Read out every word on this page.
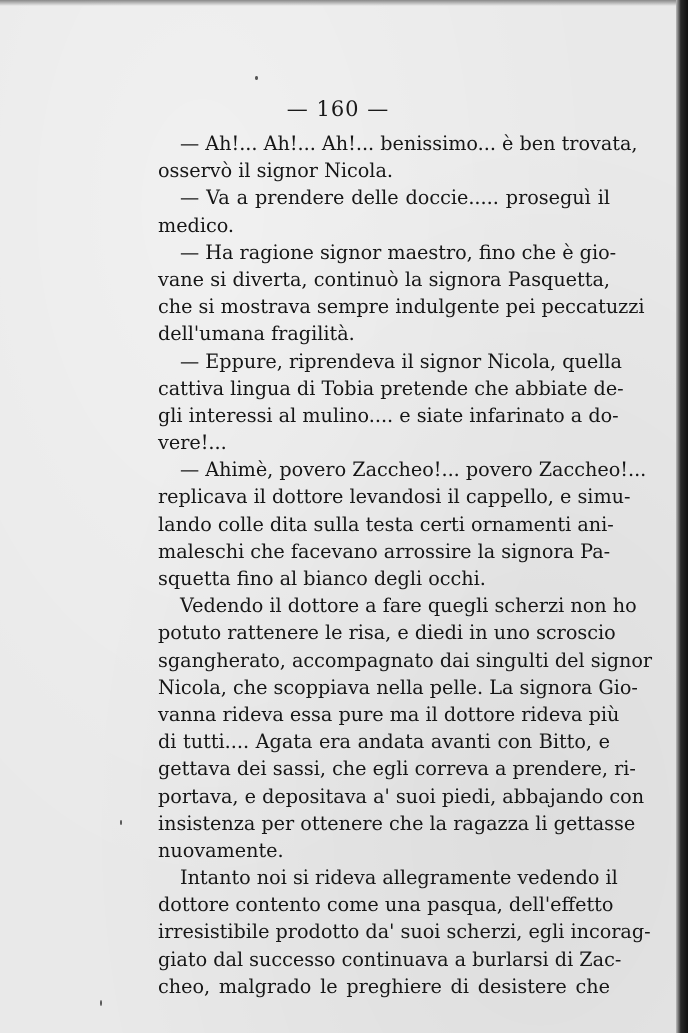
— 160 —
— Ah!... Ah!... Ah!... benissimo... è ben trovata,
osservò il signor Nicola.
— Va a prendere delle doccie..... proseguì il
medico.
— Ha ragione signor maestro, fino che è gio-
vane si diverta, continuò la signora Pasquetta,
che si mostrava sempre indulgente pei peccatuzzi
dell'umana fragilità.
— Eppure, riprendeva il signor Nicola, quella
cattiva lingua di Tobia pretende che abbiate de-
gli interessi al mulino.... e siate infarinato a do-
vere!...
— Ahimè, povero Zaccheo!... povero Zaccheo!...
replicava il dottore levandosi il cappello, e simu-
lando colle dita sulla testa certi ornamenti ani-
maleschi che facevano arrossire la signora Pa-
squetta fino al bianco degli occhi.
Vedendo il dottore a fare quegli scherzi non ho
potuto rattenere le risa, e diedi in uno scroscio
sgangherato, accompagnato dai singulti del signor
Nicola, che scoppiava nella pelle. La signora Gio-
vanna rideva essa pure ma il dottore rideva più
di tutti.... Agata era andata avanti con Bitto, e
gettava dei sassi, che egli correva a prendere, ri-
portava, e depositava a' suoi piedi, abbajando con
insistenza per ottenere che la ragazza li gettasse
nuovamente.
Intanto noi si rideva allegramente vedendo il
dottore contento come una pasqua, dell'effetto
irresistibile prodotto da' suoi scherzi, egli incorag-
giato dal successo continuava a burlarsi di Zac-
cheo, malgrado le preghiere di desistere che
